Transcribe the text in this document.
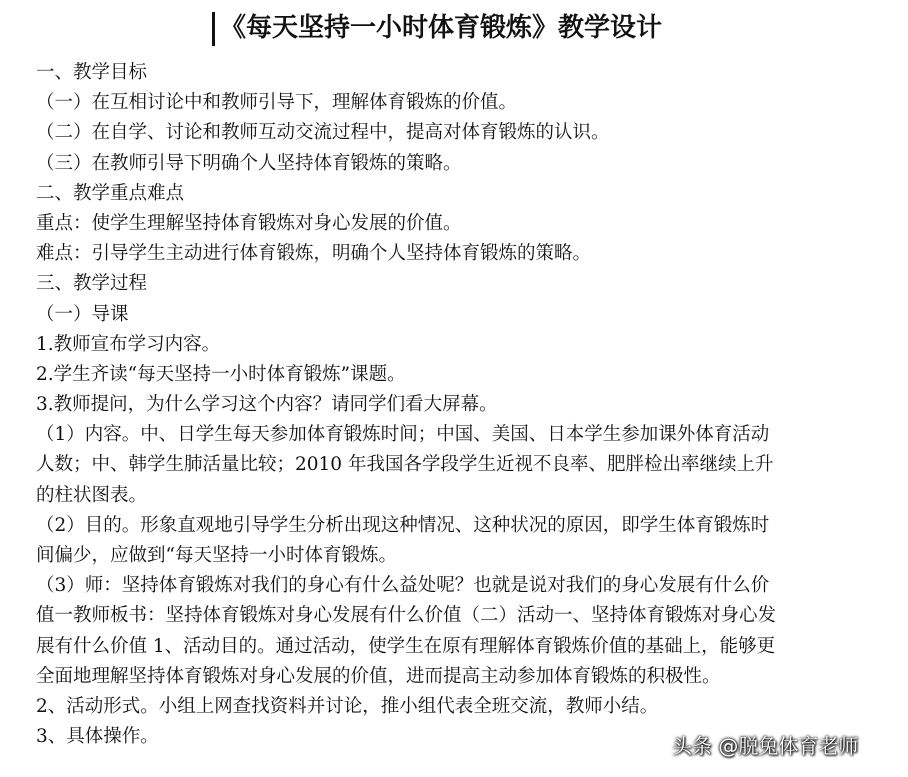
《每天坚持一小时体育锻炼》教学设计
一、教学目标
（一）在互相讨论中和教师引导下，理解体育锻炼的价值。
（二）在自学、讨论和教师互动交流过程中，提高对体育锻炼的认识。
（三）在教师引导下明确个人坚持体育锻炼的策略。
二、教学重点难点
重点：使学生理解坚持体育锻炼对身心发展的价值。
难点：引导学生主动进行体育锻炼，明确个人坚持体育锻炼的策略。
三、教学过程
（一）导课
1.教师宣布学习内容。
2.学生齐读“每天坚持一小时体育锻炼”课题。
3.教师提问，为什么学习这个内容？请同学们看大屏幕。
（1）内容。中、日学生每天参加体育锻炼时间；中国、美国、日本学生参加课外体育活动
人数；中、韩学生肺活量比较；2010 年我国各学段学生近视不良率、肥胖检出率继续上升
的柱状图表。
（2）目的。形象直观地引导学生分析出现这种情况、这种状况的原因，即学生体育锻炼时
间偏少，应做到“每天坚持一小时体育锻炼。
（3）师：坚持体育锻炼对我们的身心有什么益处呢？也就是说对我们的身心发展有什么价
值一教师板书：坚持体育锻炼对身心发展有什么价值（二）活动一、坚持体育锻炼对身心发
展有什么价值 1、活动目的。通过活动，使学生在原有理解体育锻炼价值的基础上，能够更
全面地理解坚持体育锻炼对身心发展的价值，进而提高主动参加体育锻炼的积极性。
2、活动形式。小组上网查找资料并讨论，推小组代表全班交流，教师小结。
3、具体操作。	头条 @脱兔体育老师
